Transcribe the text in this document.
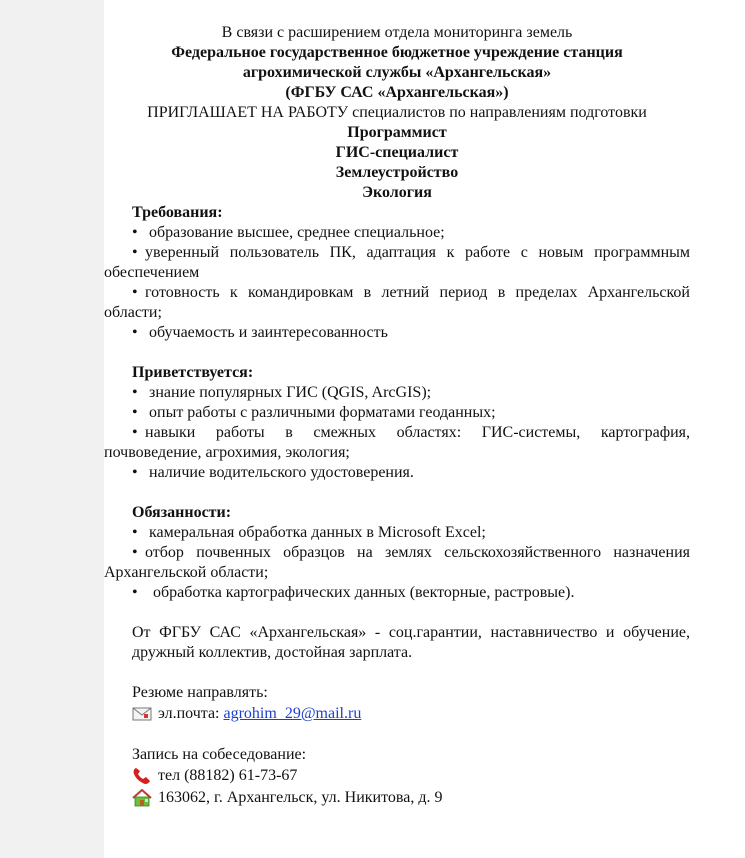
В связи с расширением отдела мониторинга земель
Федеральное государственное бюджетное учреждение станция
агрохимической службы «Архангельская»
(ФГБУ САС «Архангельская»)
ПРИГЛАШАЕТ НА РАБОТУ специалистов по направлениям подготовки
Программист
ГИС-специалист
Землеустройство
Экология
Требования:
• образование высшее, среднее специальное;
• уверенный пользователь ПК, адаптация к работе с новым программным обеспечением
• готовность к командировкам в летний период в пределах Архангельской области;
• обучаемость и заинтересованность
Приветствуется:
• знание популярных ГИС (QGIS, ArcGIS);
• опыт работы с различными форматами геоданных;
• навыки работы в смежных областях: ГИС-системы, картография, почвоведение, агрохимия, экология;
• наличие водительского удостоверения.
Обязанности:
• камеральная обработка данных в Microsoft Excel;
• отбор почвенных образцов на землях сельскохозяйственного назначения Архангельской области;
• обработка картографических данных (векторные, растровые).
От ФГБУ САС «Архангельская» - соц.гарантии, наставничество и обучение, дружный коллектив, достойная зарплата.
Резюме направлять:
эл.почта: agrohim_29@mail.ru
Запись на собеседование:
тел (88182) 61-73-67
163062, г. Архангельск, ул. Никитова, д. 9
